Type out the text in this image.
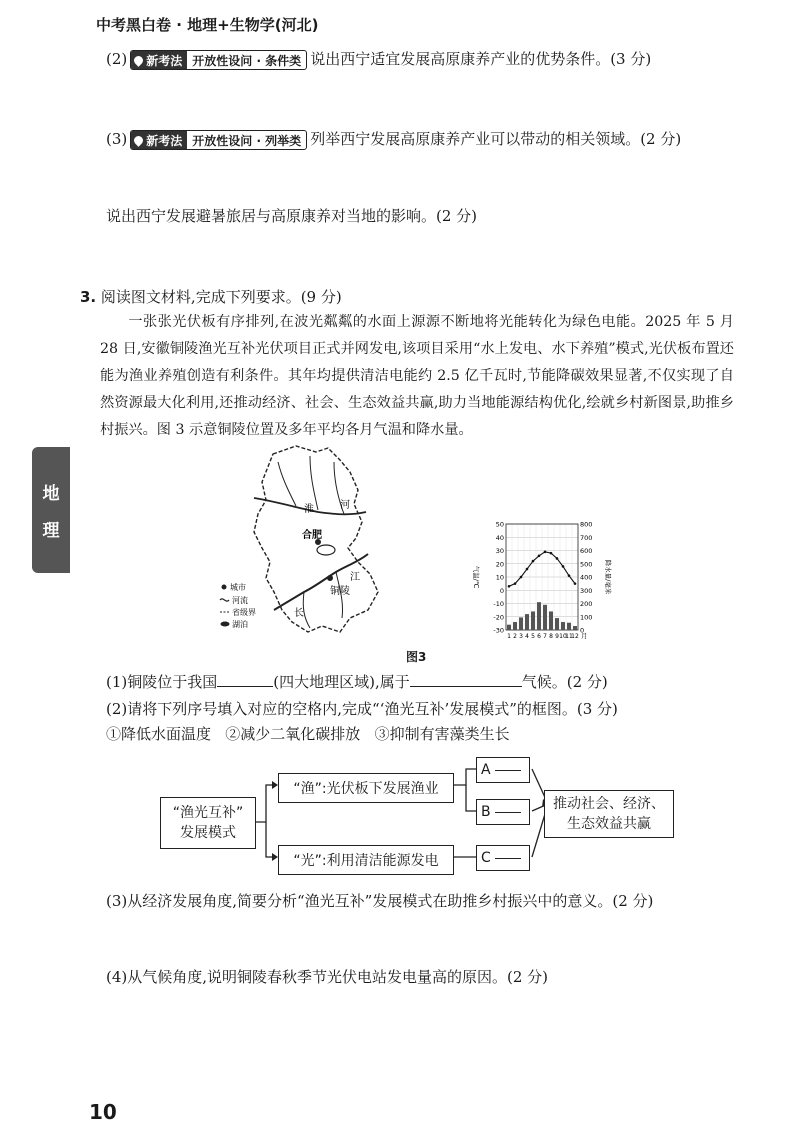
中考黑白卷 · 地理+生物学(河北)
(2) 新考法 开放性设问 · 条件类 说出西宁适宜发展高原康养产业的优势条件。(3 分)
(3) 新考法 开放性设问 · 列举类 列举西宁发展高原康养产业可以带动的相关领域。(2 分)
说出西宁发展避暑旅居与高原康养对当地的影响。(2 分)
3. 阅读图文材料,完成下列要求。(9 分)
一张张光伏板有序排列,在波光粼粼的水面上源源不断地将光能转化为绿色电能。2025 年 5 月 28 日,安徽铜陵渔光互补光伏项目正式并网发电,该项目采用“水上发电、水下养殖”模式,光伏板布置还能为渔业养殖创造有利条件。其年均提供清洁电能约 2.5 亿千瓦时,节能降碳效果显著,不仅实现了自然资源最大化利用,还推动经济、社会、生态效益共赢,助力当地能源结构优化,绘就乡村新图景,助推乡村振兴。图 3 示意铜陵位置及多年平均各月气温和降水量。
地
理
淮	河
合肥
江
铜陵
长
城市
河流
省级界
湖泊
50
40
30
20
10
0
-10
-20
-30
800
700
600
500
400
300
200
100
0
1 2 3 4 5 6 7 8 9 10
11
12 月
气温/℃	降水量/毫米
图3
(1)铜陵位于我国	(四大地理区域),属于	气候。(2 分)
(2)请将下列序号填入对应的空格内,完成“‘渔光互补’发展模式”的框图。(3 分)
①降低水面温度   ②减少二氧化碳排放   ③抑制有害藻类生长
“渔光互补”
发展模式
“渔”:光伏板下发展渔业
“光”:利用清洁能源发电
A
B
C
推动社会、经济、
生态效益共赢
(3)从经济发展角度,简要分析“渔光互补”发展模式在助推乡村振兴中的意义。(2 分)
(4)从气候角度,说明铜陵春秋季节光伏电站发电量高的原因。(2 分)
10
